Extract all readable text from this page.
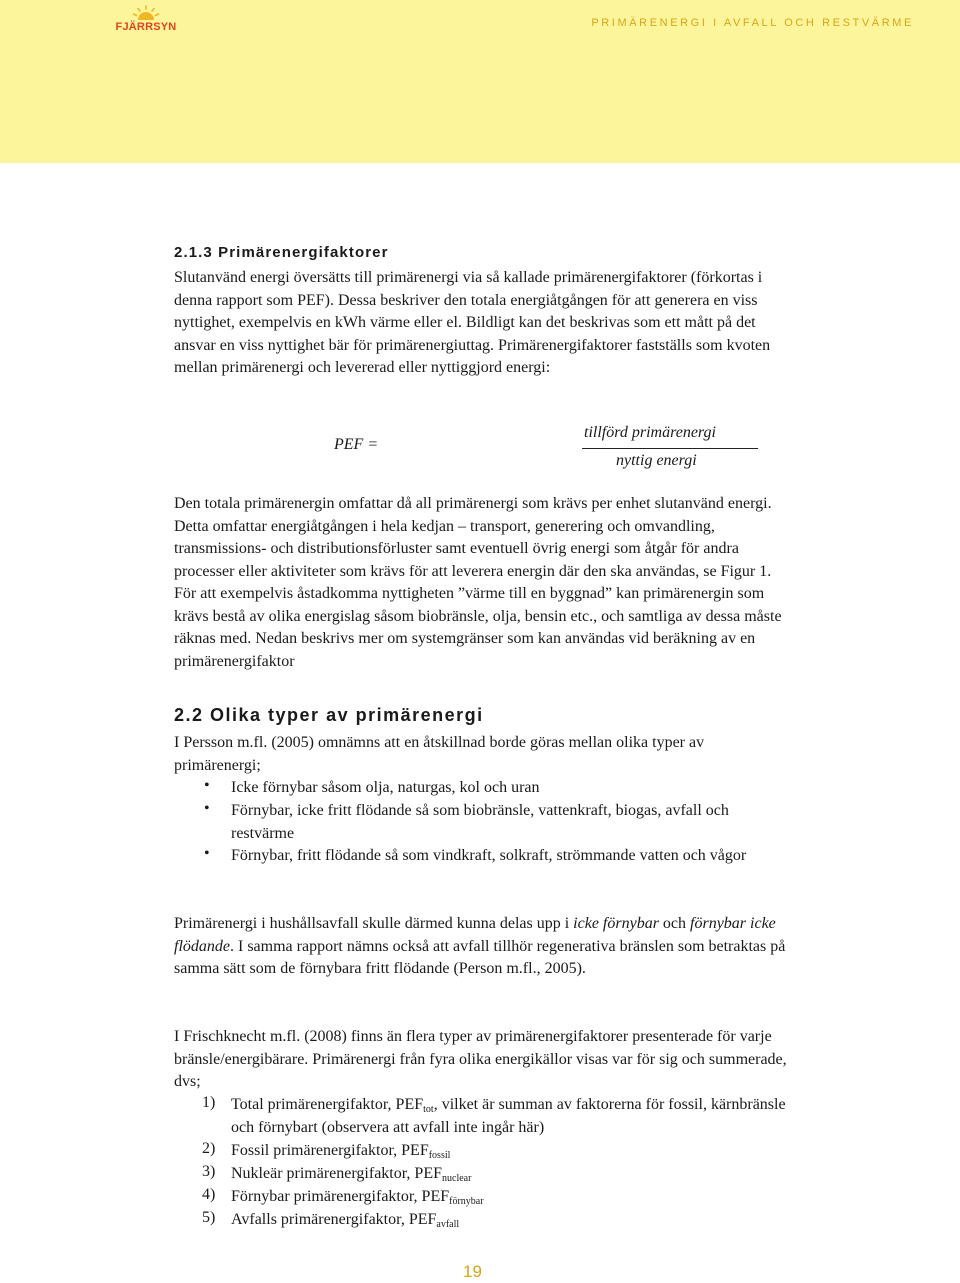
FJÄRRSYN	PRIMÄRENERGI I AVFALL OCH RESTVÄRME
2.1.3 Primärenergifaktorer

Slutanvänd energi översätts till primärenergi via så kallade primärenergifaktorer (förkortas i denna rapport som PEF). Dessa beskriver den totala energiåtgången för att generera en viss nyttighet, exempelvis en kWh värme eller el. Bildligt kan det beskrivas som ett mått på det ansvar en viss nyttighet bär för primärenergiuttag. Primärenergifaktorer fastställs som kvoten mellan primärenergi och levererad eller nyttiggjord energi:

PEF =
tillförd primärenergi
nyttig energi

Den totala primärenergin omfattar då all primärenergi som krävs per enhet slutanvänd energi. Detta omfattar energiåtgången i hela kedjan – transport, generering och omvandling, transmissions- och distributionsförluster samt eventuell övrig energi som åtgår för andra processer eller aktiviteter som krävs för att leverera energin där den ska användas, se Figur 1. För att exempelvis åstadkomma nyttigheten ”värme till en byggnad” kan primärenergin som krävs bestå av olika energislag såsom biobränsle, olja, bensin etc., och samtliga av dessa måste räknas med. Nedan beskrivs mer om systemgränser som kan användas vid beräkning av en primärenergifaktor

2.2 Olika typer av primärenergi

I Persson m.fl. (2005) omnämns att en åtskillnad borde göras mellan olika typer av primärenergi;

• Icke förnybar såsom olja, naturgas, kol och uran
• Förnybar, icke fritt flödande så som biobränsle, vattenkraft, biogas, avfall och restvärme
• Förnybar, fritt flödande så som vindkraft, solkraft, strömmande vatten och vågor

Primärenergi i hushållsavfall skulle därmed kunna delas upp i icke förnybar och förnybar icke flödande. I samma rapport nämns också att avfall tillhör regenerativa bränslen som betraktas på samma sätt som de förnybara fritt flödande (Person m.fl., 2005).

I Frischknecht m.fl. (2008) finns än flera typer av primärenergifaktorer presenterade för varje bränsle/energibärare. Primärenergi från fyra olika energikällor visas var för sig och summerade, dvs;

1) Total primärenergifaktor, $PEF_{tot}$, vilket är summan av faktorerna för fossil, kärnbränsle och förnybart (observera att avfall inte ingår här)
2) Fossil primärenergifaktor, $PEF_{fossil}$
3) Nukleär primärenergifaktor, $PEF_{nuclear}$
4) Förnybar primärenergifaktor, $PEF_{förnybar}$
5) Avfalls primärenergifaktor, $PEF_{avfall}$
19
